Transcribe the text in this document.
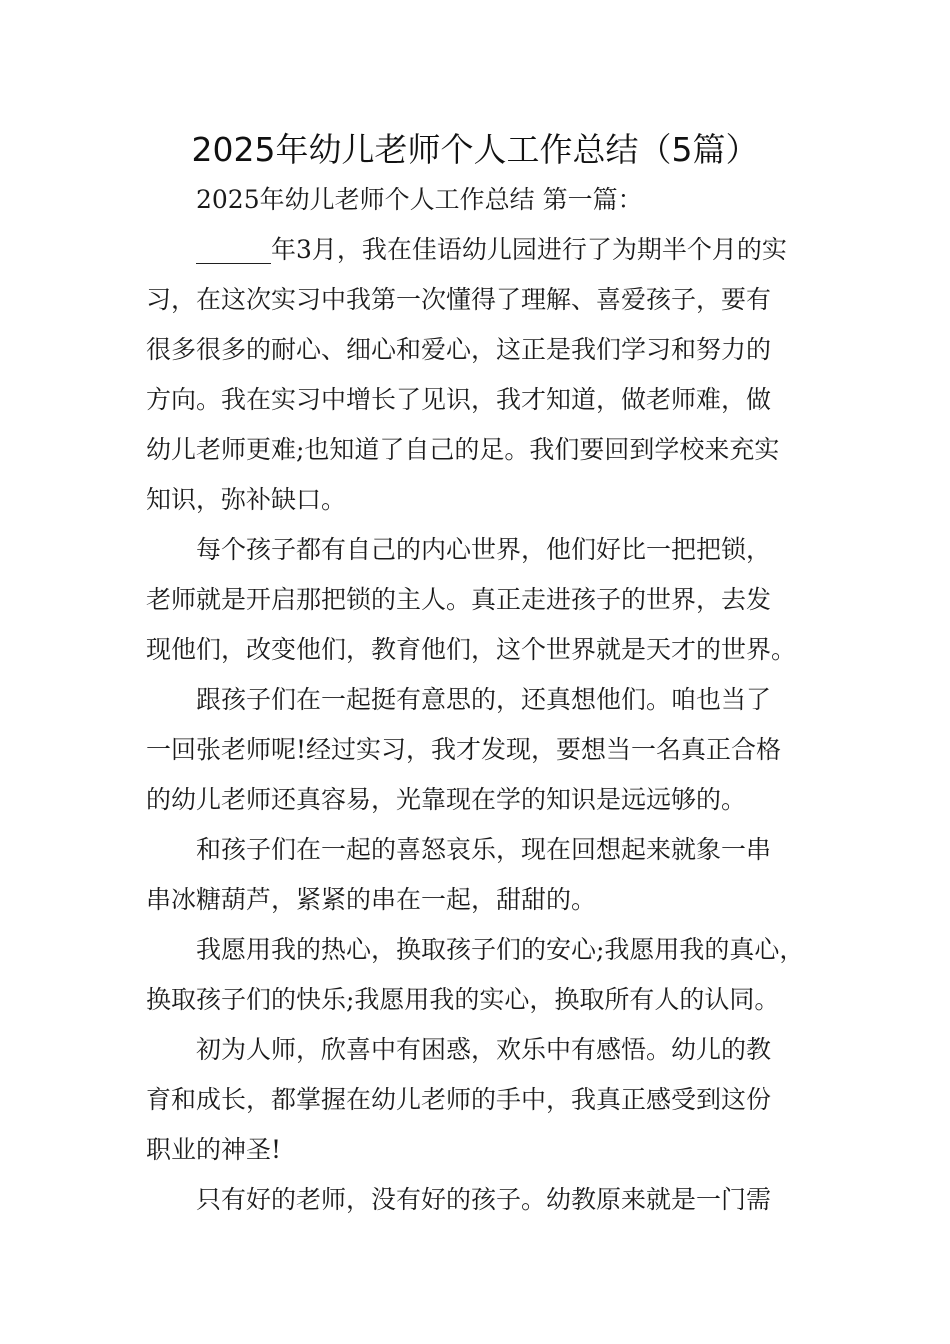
2025年幼儿老师个人工作总结（5篇）
2025年幼儿老师个人工作总结 第一篇：
______年3月，我在佳语幼儿园进行了为期半个月的实
习，在这次实习中我第一次懂得了理解、喜爱孩子，要有
很多很多的耐心、细心和爱心，这正是我们学习和努力的
方向。我在实习中增长了见识，我才知道，做老师难，做
幼儿老师更难;也知道了自己的足。我们要回到学校来充实
知识，弥补缺口。
每个孩子都有自己的内心世界，他们好比一把把锁，
老师就是开启那把锁的主人。真正走进孩子的世界，去发
现他们，改变他们，教育他们，这个世界就是天才的世界。
跟孩子们在一起挺有意思的，还真想他们。咱也当了
一回张老师呢!经过实习，我才发现，要想当一名真正合格
的幼儿老师还真容易，光靠现在学的知识是远远够的。
和孩子们在一起的喜怒哀乐，现在回想起来就象一串
串冰糖葫芦，紧紧的串在一起，甜甜的。
我愿用我的热心，换取孩子们的安心;我愿用我的真心，
换取孩子们的快乐;我愿用我的实心，换取所有人的认同。
初为人师，欣喜中有困惑，欢乐中有感悟。幼儿的教
育和成长，都掌握在幼儿老师的手中，我真正感受到这份
职业的神圣!
只有好的老师，没有好的孩子。幼教原来就是一门需
